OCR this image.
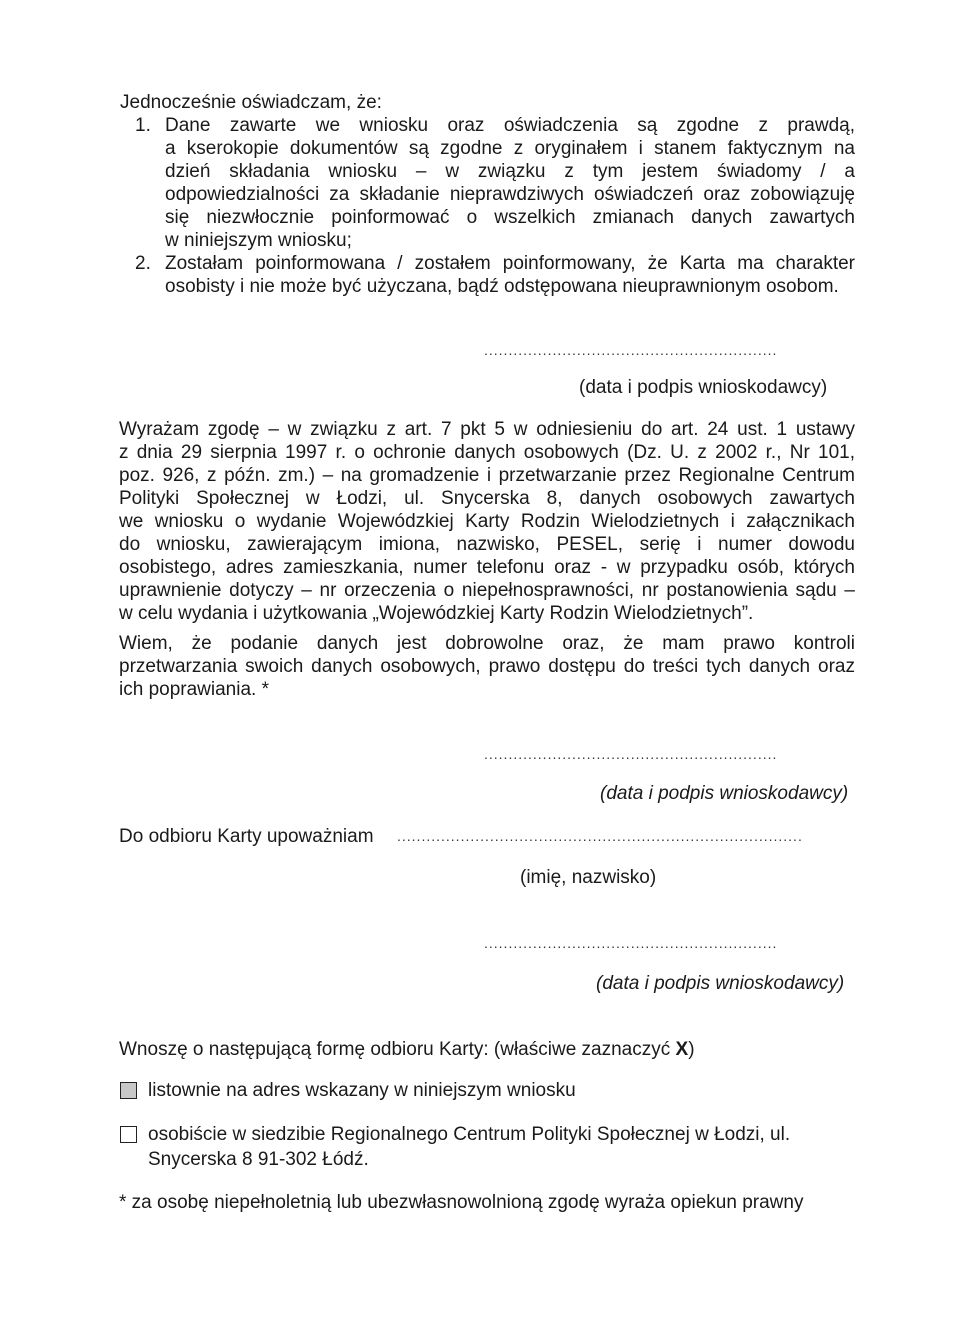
Jednocześnie oświadczam, że:
1. Dane zawarte we wniosku oraz oświadczenia są zgodne z prawdą,
a kserokopie dokumentów są zgodne z oryginałem i stanem faktycznym na
dzień składania wniosku – w związku z tym jestem świadomy / a
odpowiedzialności za składanie nieprawdziwych oświadczeń oraz zobowiązuję
się niezwłocznie poinformować o wszelkich zmianach danych zawartych
w niniejszym wniosku;
2. Zostałam poinformowana / zostałem poinformowany, że Karta ma charakter
osobisty i nie może być użyczana, bądź odstępowana nieuprawnionym osobom.
............................................................
(data i podpis wnioskodawcy)
Wyrażam zgodę – w związku z art. 7 pkt 5 w odniesieniu do art. 24 ust. 1 ustawy
z dnia 29 sierpnia 1997 r. o ochronie danych osobowych (Dz. U. z 2002 r., Nr 101,
poz. 926, z późn. zm.) – na gromadzenie i przetwarzanie przez Regionalne Centrum
Polityki Społecznej w Łodzi, ul. Snycerska 8, danych osobowych zawartych
we wniosku o wydanie Wojewódzkiej Karty Rodzin Wielodzietnych i załącznikach
do wniosku, zawierającym imiona, nazwisko, PESEL, serię i numer dowodu
osobistego, adres zamieszkania, numer telefonu oraz - w przypadku osób, których
uprawnienie dotyczy – nr orzeczenia o niepełnosprawności, nr postanowienia sądu –
w celu wydania i użytkowania „Wojewódzkiej Karty Rodzin Wielodzietnych”.
Wiem, że podanie danych jest dobrowolne oraz, że mam prawo kontroli
przetwarzania swoich danych osobowych, prawo dostępu do treści tych danych oraz
ich poprawiania. *
............................................................
(data i podpis wnioskodawcy)
Do odbioru Karty upoważniam ...................................................................................
(imię, nazwisko)
............................................................
(data i podpis wnioskodawcy)
Wnoszę o następującą formę odbioru Karty: (właściwe zaznaczyć X)
listownie na adres wskazany w niniejszym wniosku
osobiście w siedzibie Regionalnego Centrum Polityki Społecznej w Łodzi, ul.
Snycerska 8 91-302 Łódź.
* za osobę niepełnoletnią lub ubezwłasnowolnioną zgodę wyraża opiekun prawny
